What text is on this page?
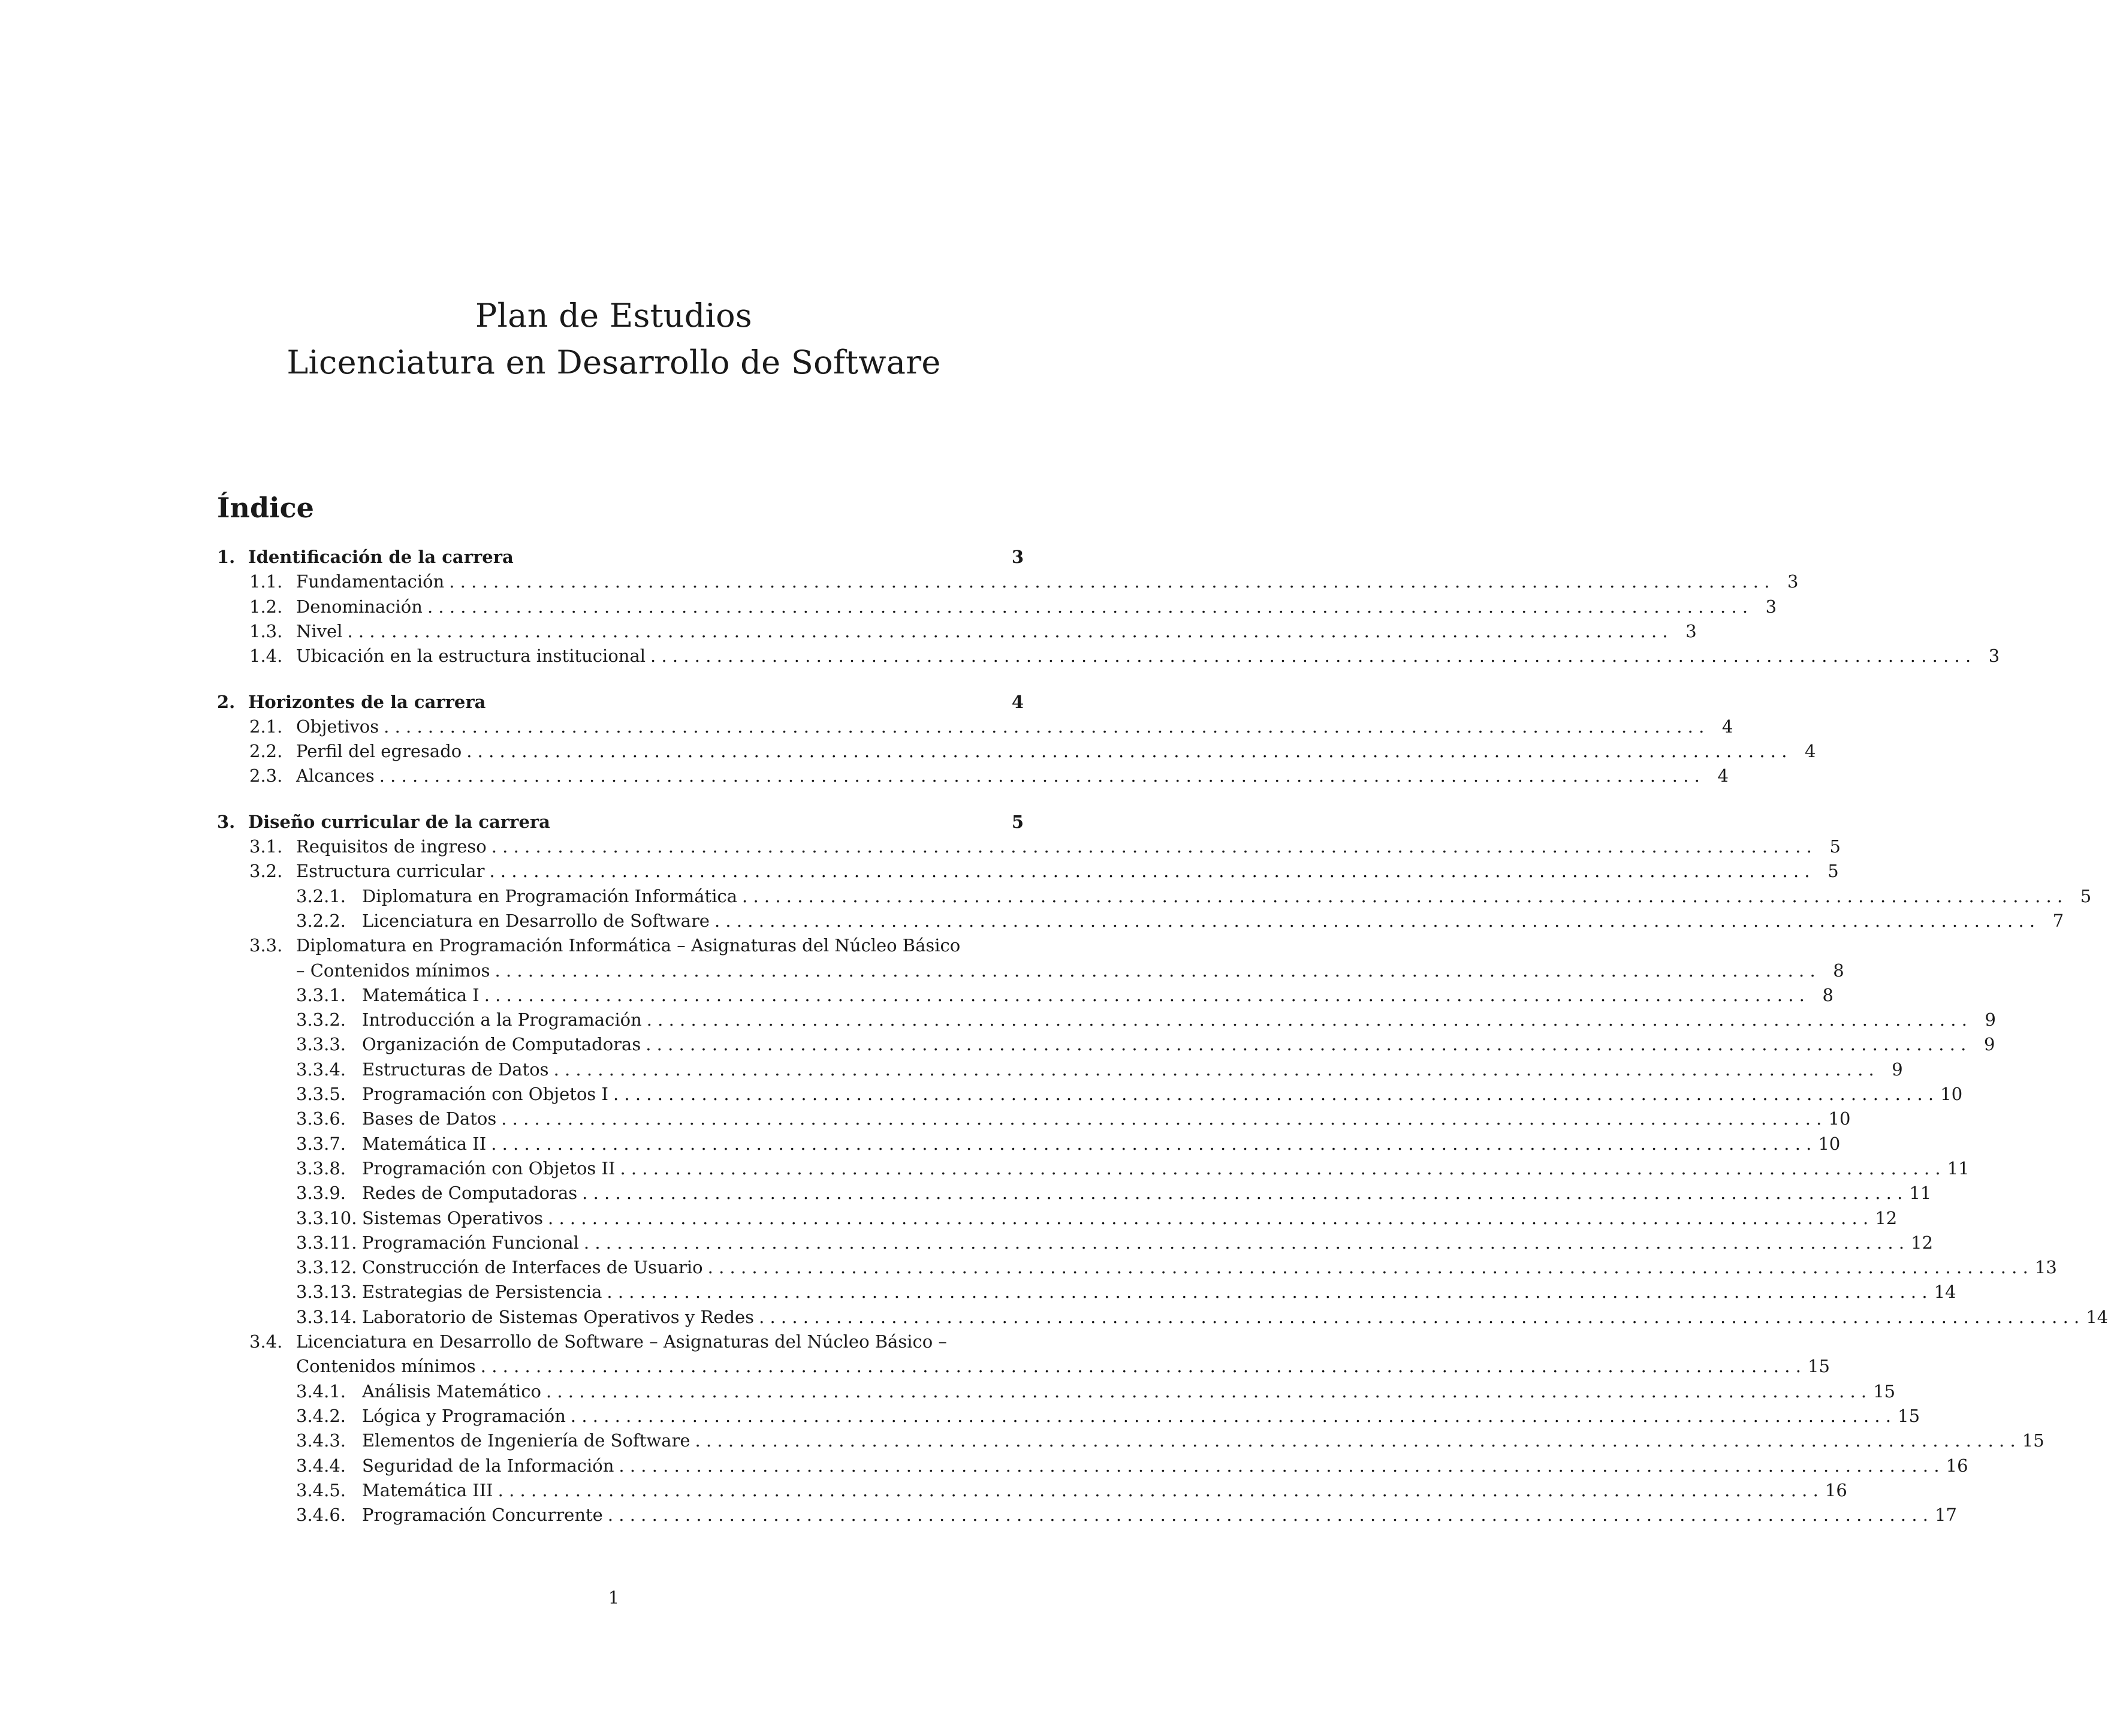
Plan de Estudios
Licenciatura en Desarrollo de Software
Índice
1. Identificación de la carrera	3
1.1. Fundamentación . . . . . . . . . . . . . . . . . . . . . . . . . . . . . . . . . . . . . . . . . . . . . . . . . . . . . . . . . . . . . . . . . . . . . . . . . . . . . . . . . . . . . . . . . . . . . . . . . . . . . . . . . . . . . . . . . . . . . . . .	3
1.2. Denominación . . . . . . . . . . . . . . . . . . . . . . . . . . . . . . . . . . . . . . . . . . . . . . . . . . . . . . . . . . . . . . . . . . . . . . . . . . . . . . . . . . . . . . . . . . . . . . . . . . . . . . . . . . . . . . . . . . . . . . . .	3
1.3. Nivel . . . . . . . . . . . . . . . . . . . . . . . . . . . . . . . . . . . . . . . . . . . . . . . . . . . . . . . . . . . . . . . . . . . . . . . . . . . . . . . . . . . . . . . . . . . . . . . . . . . . . . . . . . . . . . . . . . . . . . . .	3
1.4. Ubicación en la estructura institucional . . . . . . . . . . . . . . . . . . . . . . . . . . . . . . . . . . . . . . . . . . . . . . . . . . . . . . . . . . . . . . . . . . . . . . . . . . . . . . . . . . . . . . . . . . . . . . . . . . . . . . . . . . . . . . . . . . . . . . . .	3
2. Horizontes de la carrera	4
2.1. Objetivos . . . . . . . . . . . . . . . . . . . . . . . . . . . . . . . . . . . . . . . . . . . . . . . . . . . . . . . . . . . . . . . . . . . . . . . . . . . . . . . . . . . . . . . . . . . . . . . . . . . . . . . . . . . . . . . . . . . . . . . .	4
2.2. Perfil del egresado . . . . . . . . . . . . . . . . . . . . . . . . . . . . . . . . . . . . . . . . . . . . . . . . . . . . . . . . . . . . . . . . . . . . . . . . . . . . . . . . . . . . . . . . . . . . . . . . . . . . . . . . . . . . . . . . . . . . . . . .	4
2.3. Alcances . . . . . . . . . . . . . . . . . . . . . . . . . . . . . . . . . . . . . . . . . . . . . . . . . . . . . . . . . . . . . . . . . . . . . . . . . . . . . . . . . . . . . . . . . . . . . . . . . . . . . . . . . . . . . . . . . . . . . . . .	4
3. Diseño curricular de la carrera	5
3.1. Requisitos de ingreso . . . . . . . . . . . . . . . . . . . . . . . . . . . . . . . . . . . . . . . . . . . . . . . . . . . . . . . . . . . . . . . . . . . . . . . . . . . . . . . . . . . . . . . . . . . . . . . . . . . . . . . . . . . . . . . . . . . . . . . .	5
3.2. Estructura curricular . . . . . . . . . . . . . . . . . . . . . . . . . . . . . . . . . . . . . . . . . . . . . . . . . . . . . . . . . . . . . . . . . . . . . . . . . . . . . . . . . . . . . . . . . . . . . . . . . . . . . . . . . . . . . . . . . . . . . . . .	5
3.2.1. Diplomatura en Programación Informática . . . . . . . . . . . . . . . . . . . . . . . . . . . . . . . . . . . . . . . . . . . . . . . . . . . . . . . . . . . . . . . . . . . . . . . . . . . . . . . . . . . . . . . . . . . . . . . . . . . . . . . . . . . . . . . . . . . . . . . .	5
3.2.2. Licenciatura en Desarrollo de Software . . . . . . . . . . . . . . . . . . . . . . . . . . . . . . . . . . . . . . . . . . . . . . . . . . . . . . . . . . . . . . . . . . . . . . . . . . . . . . . . . . . . . . . . . . . . . . . . . . . . . . . . . . . . . . . . . . . . . . . .	7
3.3. Diplomatura en Programación Informática – Asignaturas del Núcleo Básico
– Contenidos mínimos . . . . . . . . . . . . . . . . . . . . . . . . . . . . . . . . . . . . . . . . . . . . . . . . . . . . . . . . . . . . . . . . . . . . . . . . . . . . . . . . . . . . . . . . . . . . . . . . . . . . . . . . . . . . . . . . . . . . . . . .	8
3.3.1. Matemática I . . . . . . . . . . . . . . . . . . . . . . . . . . . . . . . . . . . . . . . . . . . . . . . . . . . . . . . . . . . . . . . . . . . . . . . . . . . . . . . . . . . . . . . . . . . . . . . . . . . . . . . . . . . . . . . . . . . . . . . .	8
3.3.2. Introducción a la Programación . . . . . . . . . . . . . . . . . . . . . . . . . . . . . . . . . . . . . . . . . . . . . . . . . . . . . . . . . . . . . . . . . . . . . . . . . . . . . . . . . . . . . . . . . . . . . . . . . . . . . . . . . . . . . . . . . . . . . . . .	9
3.3.3. Organización de Computadoras . . . . . . . . . . . . . . . . . . . . . . . . . . . . . . . . . . . . . . . . . . . . . . . . . . . . . . . . . . . . . . . . . . . . . . . . . . . . . . . . . . . . . . . . . . . . . . . . . . . . . . . . . . . . . . . . . . . . . . . .	9
3.3.4. Estructuras de Datos . . . . . . . . . . . . . . . . . . . . . . . . . . . . . . . . . . . . . . . . . . . . . . . . . . . . . . . . . . . . . . . . . . . . . . . . . . . . . . . . . . . . . . . . . . . . . . . . . . . . . . . . . . . . . . . . . . . . . . . .	9
3.3.5. Programación con Objetos I . . . . . . . . . . . . . . . . . . . . . . . . . . . . . . . . . . . . . . . . . . . . . . . . . . . . . . . . . . . . . . . . . . . . . . . . . . . . . . . . . . . . . . . . . . . . . . . . . . . . . . . . . . . . . . . . . . . . . . . . 10
3.3.6. Bases de Datos . . . . . . . . . . . . . . . . . . . . . . . . . . . . . . . . . . . . . . . . . . . . . . . . . . . . . . . . . . . . . . . . . . . . . . . . . . . . . . . . . . . . . . . . . . . . . . . . . . . . . . . . . . . . . . . . . . . . . . . . 10
3.3.7. Matemática II . . . . . . . . . . . . . . . . . . . . . . . . . . . . . . . . . . . . . . . . . . . . . . . . . . . . . . . . . . . . . . . . . . . . . . . . . . . . . . . . . . . . . . . . . . . . . . . . . . . . . . . . . . . . . . . . . . . . . . . . 10
3.3.8. Programación con Objetos II . . . . . . . . . . . . . . . . . . . . . . . . . . . . . . . . . . . . . . . . . . . . . . . . . . . . . . . . . . . . . . . . . . . . . . . . . . . . . . . . . . . . . . . . . . . . . . . . . . . . . . . . . . . . . . . . . . . . . . . . 11
3.3.9. Redes de Computadoras . . . . . . . . . . . . . . . . . . . . . . . . . . . . . . . . . . . . . . . . . . . . . . . . . . . . . . . . . . . . . . . . . . . . . . . . . . . . . . . . . . . . . . . . . . . . . . . . . . . . . . . . . . . . . . . . . . . . . . . . 11
3.3.10. Sistemas Operativos . . . . . . . . . . . . . . . . . . . . . . . . . . . . . . . . . . . . . . . . . . . . . . . . . . . . . . . . . . . . . . . . . . . . . . . . . . . . . . . . . . . . . . . . . . . . . . . . . . . . . . . . . . . . . . . . . . . . . . . . 12
3.3.11. Programación Funcional . . . . . . . . . . . . . . . . . . . . . . . . . . . . . . . . . . . . . . . . . . . . . . . . . . . . . . . . . . . . . . . . . . . . . . . . . . . . . . . . . . . . . . . . . . . . . . . . . . . . . . . . . . . . . . . . . . . . . . . . 12
3.3.12. Construcción de Interfaces de Usuario . . . . . . . . . . . . . . . . . . . . . . . . . . . . . . . . . . . . . . . . . . . . . . . . . . . . . . . . . . . . . . . . . . . . . . . . . . . . . . . . . . . . . . . . . . . . . . . . . . . . . . . . . . . . . . . . . . . . . . . . 13
3.3.13. Estrategias de Persistencia . . . . . . . . . . . . . . . . . . . . . . . . . . . . . . . . . . . . . . . . . . . . . . . . . . . . . . . . . . . . . . . . . . . . . . . . . . . . . . . . . . . . . . . . . . . . . . . . . . . . . . . . . . . . . . . . . . . . . . . . 14
3.3.14. Laboratorio de Sistemas Operativos y Redes . . . . . . . . . . . . . . . . . . . . . . . . . . . . . . . . . . . . . . . . . . . . . . . . . . . . . . . . . . . . . . . . . . . . . . . . . . . . . . . . . . . . . . . . . . . . . . . . . . . . . . . . . . . . . . . . . . . . . . . . 14
3.4. Licenciatura en Desarrollo de Software – Asignaturas del Núcleo Básico –
Contenidos mínimos . . . . . . . . . . . . . . . . . . . . . . . . . . . . . . . . . . . . . . . . . . . . . . . . . . . . . . . . . . . . . . . . . . . . . . . . . . . . . . . . . . . . . . . . . . . . . . . . . . . . . . . . . . . . . . . . . . . . . . . . 15
3.4.1. Análisis Matemático . . . . . . . . . . . . . . . . . . . . . . . . . . . . . . . . . . . . . . . . . . . . . . . . . . . . . . . . . . . . . . . . . . . . . . . . . . . . . . . . . . . . . . . . . . . . . . . . . . . . . . . . . . . . . . . . . . . . . . . . 15
3.4.2. Lógica y Programación . . . . . . . . . . . . . . . . . . . . . . . . . . . . . . . . . . . . . . . . . . . . . . . . . . . . . . . . . . . . . . . . . . . . . . . . . . . . . . . . . . . . . . . . . . . . . . . . . . . . . . . . . . . . . . . . . . . . . . . . 15
3.4.3. Elementos de Ingeniería de Software . . . . . . . . . . . . . . . . . . . . . . . . . . . . . . . . . . . . . . . . . . . . . . . . . . . . . . . . . . . . . . . . . . . . . . . . . . . . . . . . . . . . . . . . . . . . . . . . . . . . . . . . . . . . . . . . . . . . . . . . 15
3.4.4. Seguridad de la Información . . . . . . . . . . . . . . . . . . . . . . . . . . . . . . . . . . . . . . . . . . . . . . . . . . . . . . . . . . . . . . . . . . . . . . . . . . . . . . . . . . . . . . . . . . . . . . . . . . . . . . . . . . . . . . . . . . . . . . . . 16
3.4.5. Matemática III . . . . . . . . . . . . . . . . . . . . . . . . . . . . . . . . . . . . . . . . . . . . . . . . . . . . . . . . . . . . . . . . . . . . . . . . . . . . . . . . . . . . . . . . . . . . . . . . . . . . . . . . . . . . . . . . . . . . . . . . 16
3.4.6. Programación Concurrente . . . . . . . . . . . . . . . . . . . . . . . . . . . . . . . . . . . . . . . . . . . . . . . . . . . . . . . . . . . . . . . . . . . . . . . . . . . . . . . . . . . . . . . . . . . . . . . . . . . . . . . . . . . . . . . . . . . . . . . . 17
1
